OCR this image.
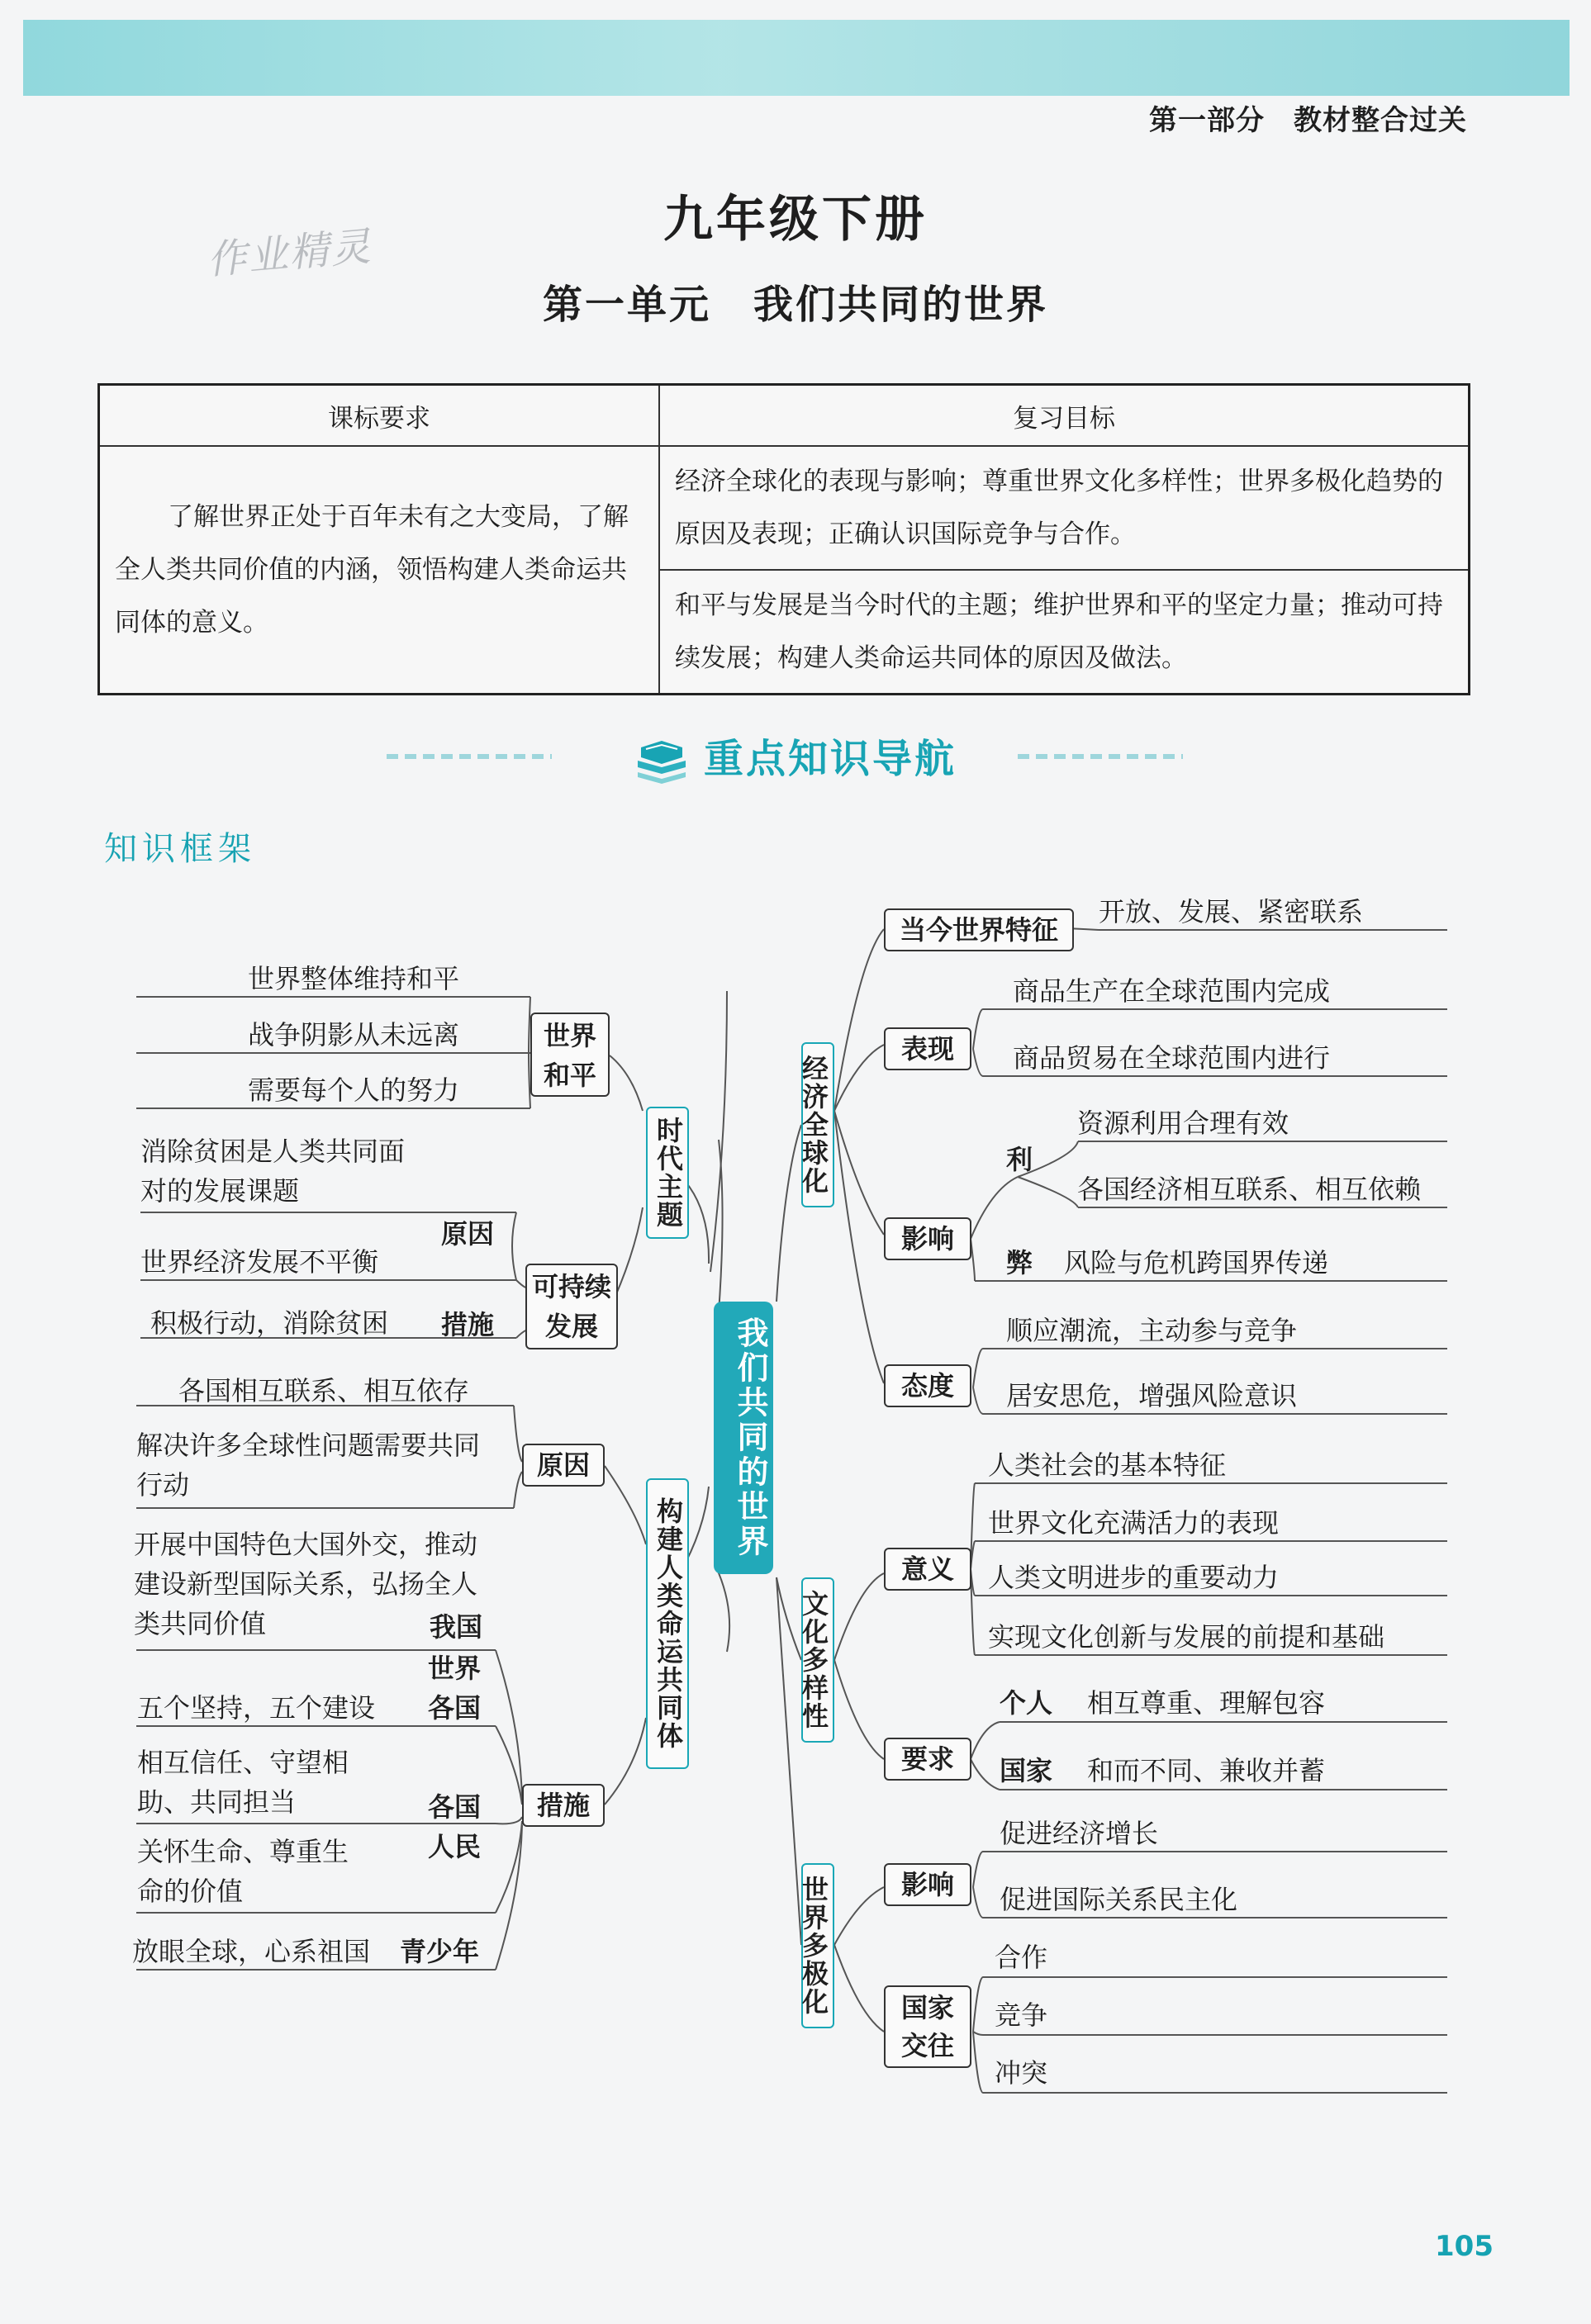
第一部分　教材整合过关
作业精灵
九年级下册
第一单元　我们共同的世界
课标要求	复习目标
了解世界正处于百年未有之大变局，了解全人类共同价值的内涵，领悟构建人类命运共同体的意义。	经济全球化的表现与影响；尊重世界文化多样性；世界多极化趋势的原因及表现；正确认识国际竞争与合作。
	和平与发展是当今时代的主题；维护世界和平的坚定力量；推动可持续发展；构建人类命运共同体的原因及做法。
重点知识导航
知识框架
我们共同的世界
时代主题
世界和平
世界整体维持和平
战争阴影从未远离
需要每个人的努力
可持续发展
消除贫困是人类共同面对的发展课题
世界经济发展不平衡
原因
积极行动，消除贫困 措施
构建人类命运共同体
原因
各国相互联系、相互依存
解决许多全球性问题需要共同行动
措施
开展中国特色大国外交，推动建设新型国际关系，弘扬全人类共同价值	我国
五个坚持，五个建设
世界各国
相互信任、守望相助、共同担当
关怀生命、尊重生命的价值
各国人民
放眼全球，心系祖国 青少年
经济全球化
当今世界特征
开放、发展、紧密联系
表现
商品生产在全球范围内完成
商品贸易在全球范围内进行
影响
利
资源利用合理有效
各国经济相互联系、相互依赖
弊 风险与危机跨国界传递
态度
顺应潮流，主动参与竞争
居安思危，增强风险意识
文化多样性
意义
人类社会的基本特征
世界文化充满活力的表现
人类文明进步的重要动力
实现文化创新与发展的前提和基础
要求
个人 相互尊重、理解包容
国家 和而不同、兼收并蓄
世界多极化	影响
促进经济增长
促进国际关系民主化
国家交往
合作
竞争
冲突
105
